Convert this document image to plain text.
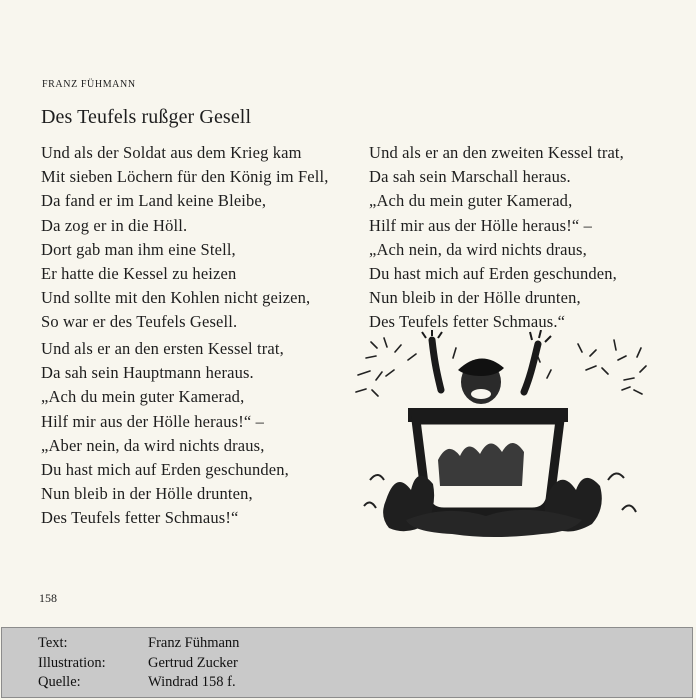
FRANZ FÜHMANN
Des Teufels rußger Gesell
Und als der Soldat aus dem Krieg kam
Mit sieben Löchern für den König im Fell,
Da fand er im Land keine Bleibe,
Da zog er in die Höll.
Dort gab man ihm eine Stell,
Er hatte die Kessel zu heizen
Und sollte mit den Kohlen nicht geizen,
So war er des Teufels Gesell.
Und als er an den ersten Kessel trat,
Da sah sein Hauptmann heraus.
„Ach du mein guter Kamerad,
Hilf mir aus der Hölle heraus!“ –
„Aber nein, da wird nichts draus,
Du hast mich auf Erden geschunden,
Nun bleib in der Hölle drunten,
Des Teufels fetter Schmaus!“
Und als er an den zweiten Kessel trat,
Da sah sein Marschall heraus.
„Ach du mein guter Kamerad,
Hilf mir aus der Hölle heraus!“ –
„Ach nein, da wird nichts draus,
Du hast mich auf Erden geschunden,
Nun bleib in der Hölle drunten,
Des Teufels fetter Schmaus.“
158
Text:	Franz Fühmann
Illustration:	Gertrud Zucker
Quelle:	Windrad 158 f.
